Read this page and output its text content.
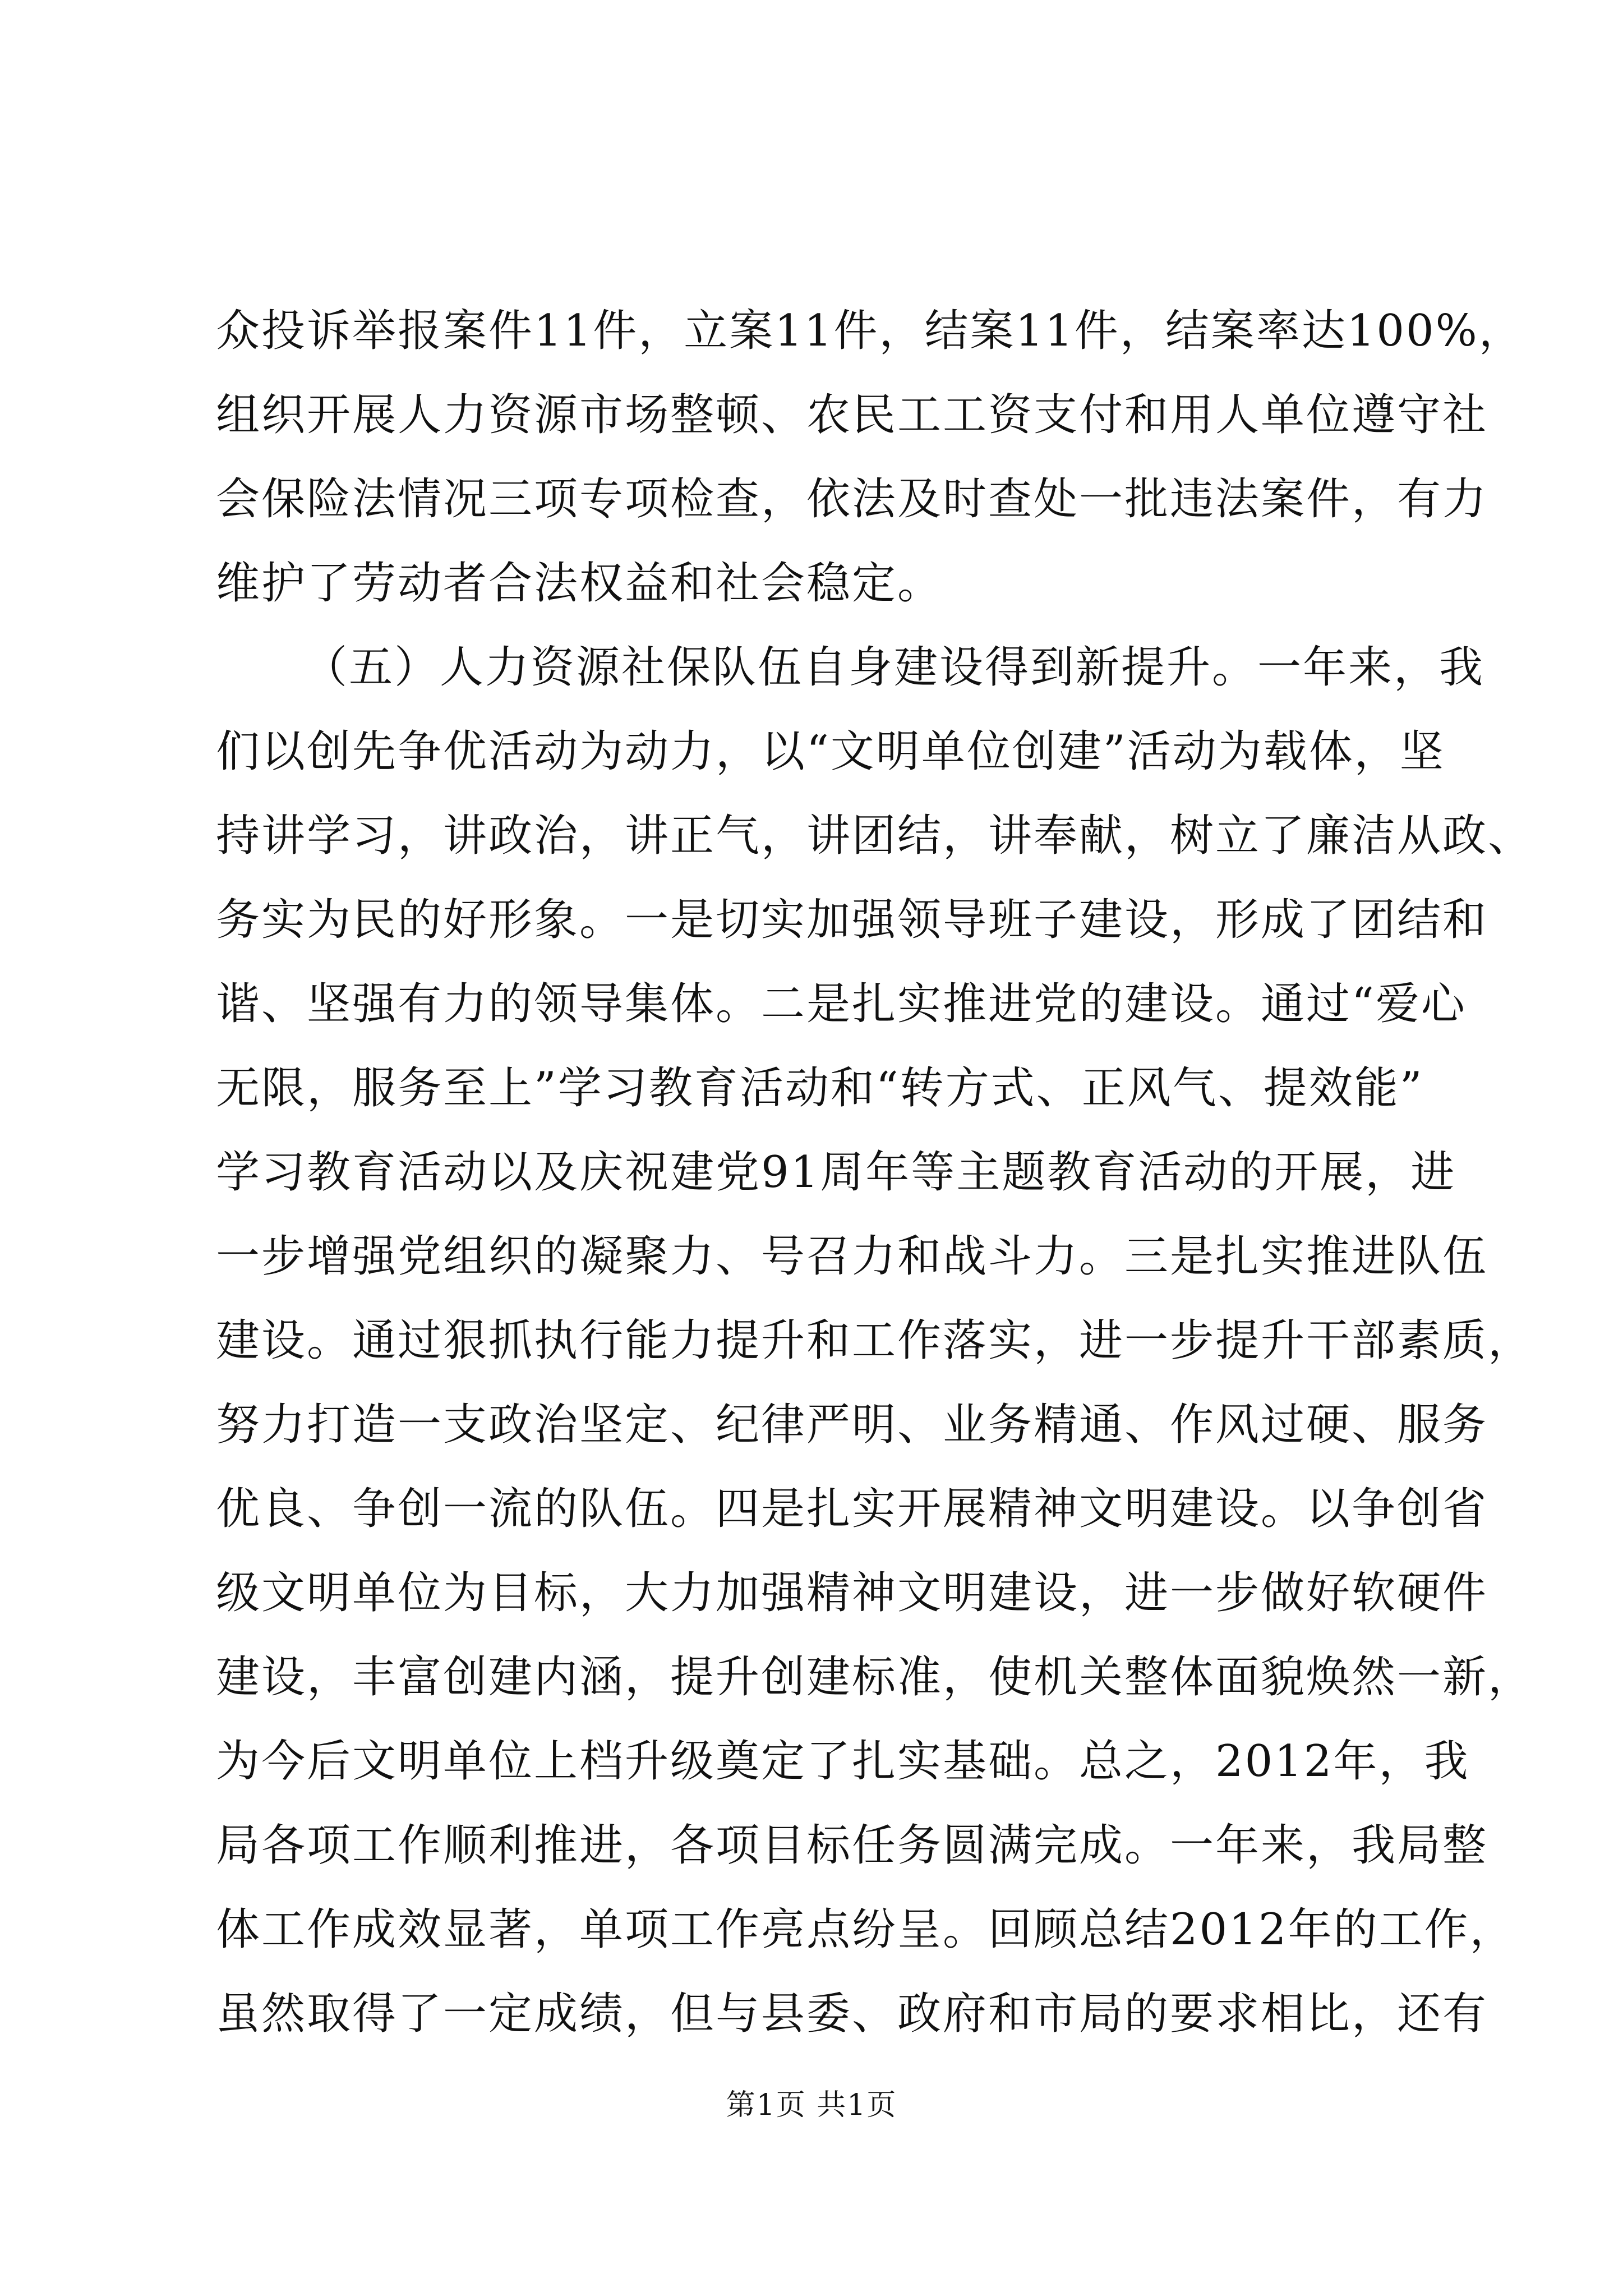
众投诉举报案件11件，立案11件，结案11件，结案率达100%，
组织开展人力资源市场整顿、农民工工资支付和用人单位遵守社
会保险法情况三项专项检查，依法及时查处一批违法案件，有力
维护了劳动者合法权益和社会稳定。
（五）人力资源社保队伍自身建设得到新提升。一年来，我
们以创先争优活动为动力，以“文明单位创建”活动为载体，坚
持讲学习，讲政治，讲正气，讲团结，讲奉献，树立了廉洁从政、
务实为民的好形象。一是切实加强领导班子建设，形成了团结和
谐、坚强有力的领导集体。二是扎实推进党的建设。通过“爱心
无限，服务至上”学习教育活动和“转方式、正风气、提效能”
学习教育活动以及庆祝建党91周年等主题教育活动的开展，进
一步增强党组织的凝聚力、号召力和战斗力。三是扎实推进队伍
建设。通过狠抓执行能力提升和工作落实，进一步提升干部素质，
努力打造一支政治坚定、纪律严明、业务精通、作风过硬、服务
优良、争创一流的队伍。四是扎实开展精神文明建设。以争创省
级文明单位为目标，大力加强精神文明建设，进一步做好软硬件
建设，丰富创建内涵，提升创建标准，使机关整体面貌焕然一新，
为今后文明单位上档升级奠定了扎实基础。总之，2012年，我
局各项工作顺利推进，各项目标任务圆满完成。一年来，我局整
体工作成效显著，单项工作亮点纷呈。回顾总结2012年的工作，
虽然取得了一定成绩，但与县委、政府和市局的要求相比，还有
第1页 共1页
